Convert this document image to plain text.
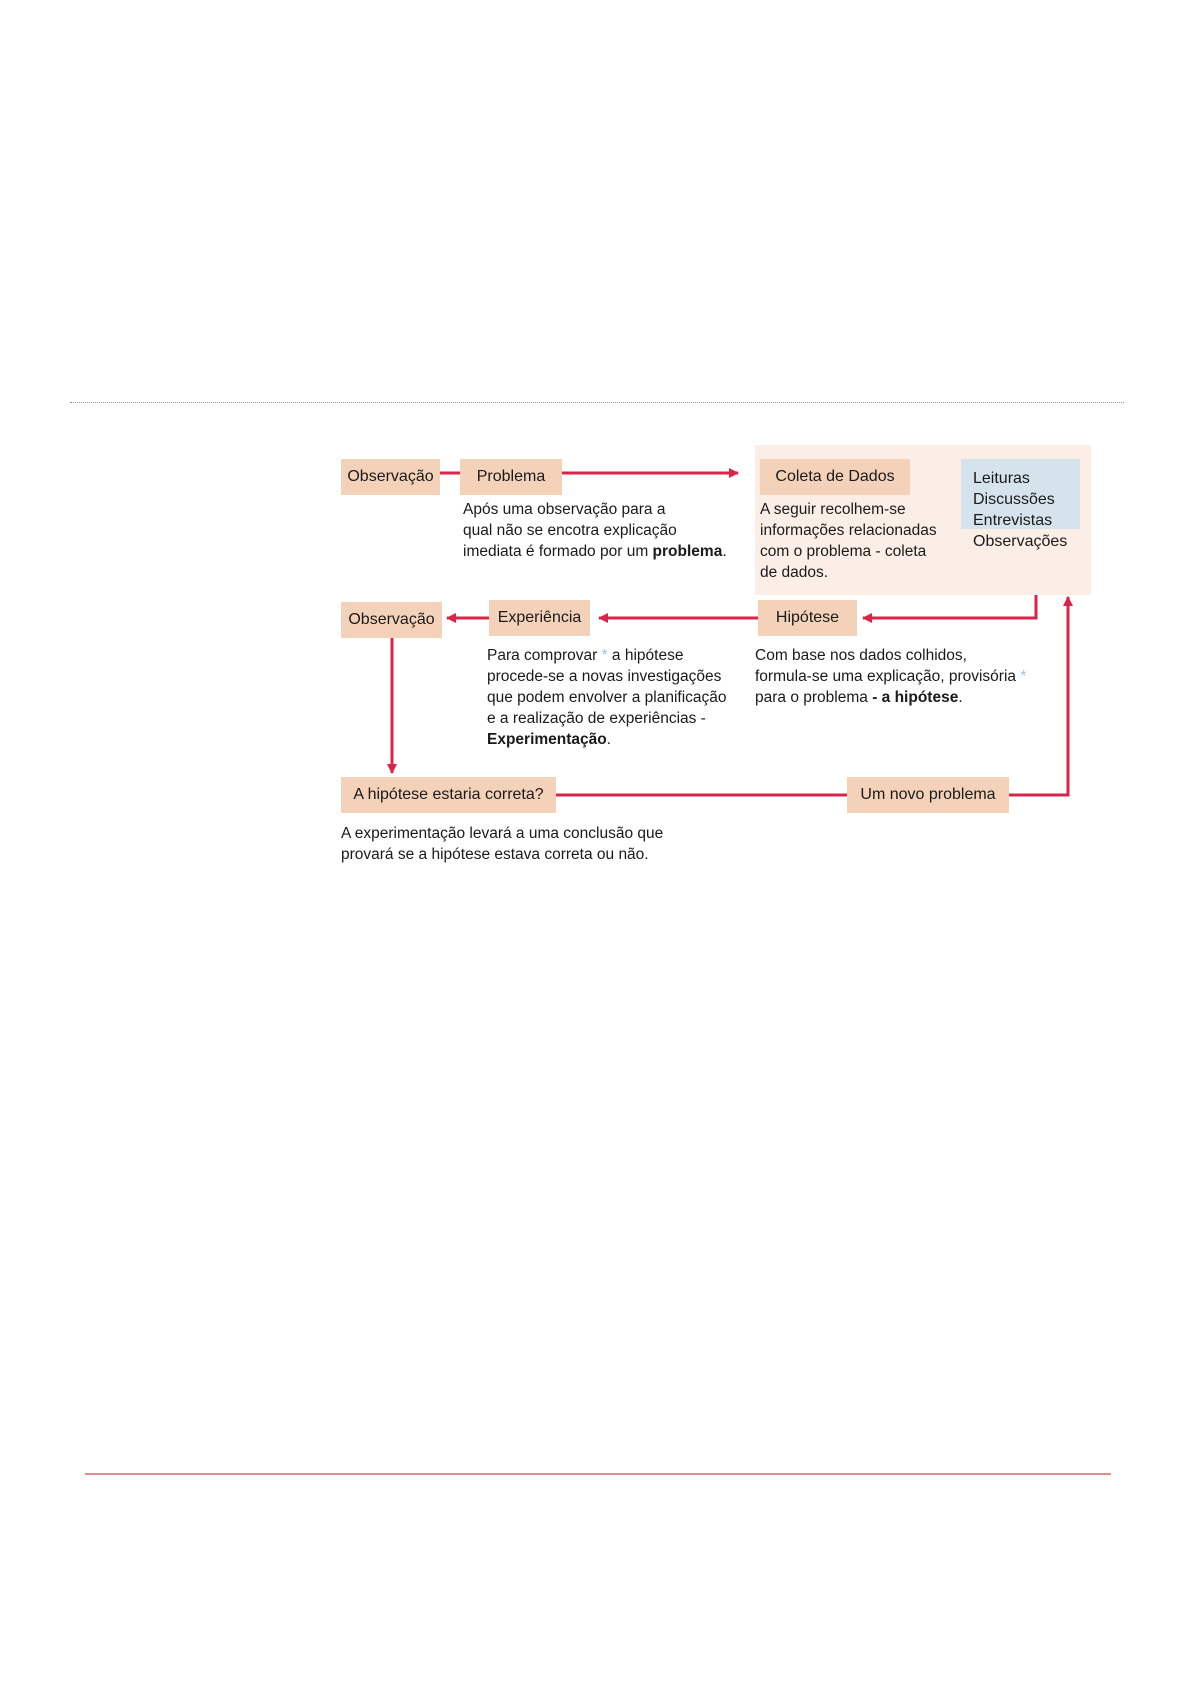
Observação	Problema	Coleta de Dados	Leituras
Discussões
Entrevistas
Observações
Após uma observação para a
qual não se encotra explicação
imediata é formado por um problema.
A seguir recolhem-se
informações relacionadas
com o problema - coleta
de dados.
Observação	Experiência	Hipótese
Para comprovar * a hipótese
procede-se a novas investigações
que podem envolver a planificação
e a realização de experiências -
Experimentação.
Com base nos dados colhidos,
formula-se uma explicação, provisória *
para o problema - a hipótese.
A hipótese estaria correta?	Um novo problema
A experimentação levará a uma conclusão que
provará se a hipótese estava correta ou não.
